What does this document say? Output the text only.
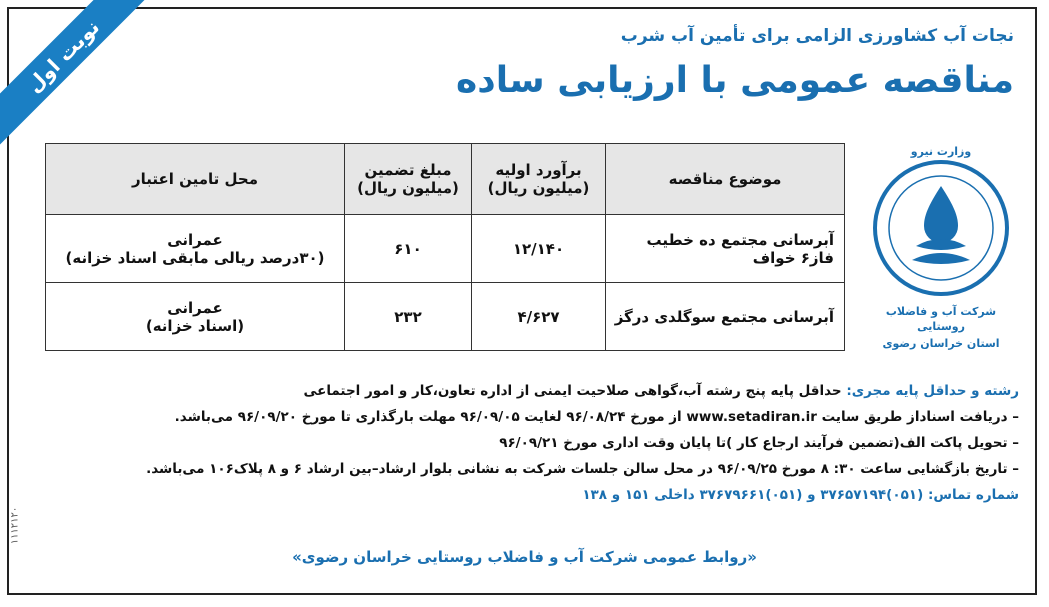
نوبت اول	نجات آب کشاورزی الزامی برای تأمین آب شرب
مناقصه عمومی با ارزیابی ساده
وزارت نیرو
شرکت آب و فاضلاب روستایی
استان خراسان رضوی
موضوع مناقصه	برآورد اولیه (میلیون ریال)	مبلغ تضمین (میلیون ریال)	محل تامین اعتبار
آبرسانی مجتمع ده خطیب فاز۶ خواف	۱۲/۱۴۰	۶۱۰	عمرانی
(۳۰درصد ریالی مابقی اسناد خزانه)

آبرسانی مجتمع سوگلدی درگز	۴/۶۲۷	۲۳۲	عمرانی
(اسناد خزانه)
رشته و حداقل پایه مجری: حداقل پایه پنج رشته آب،گواهی صلاحیت ایمنی از اداره تعاون،کار و امور اجتماعی
– دریافت اسناداز طریق سایت www.setadiran.ir از مورخ ۹۶/۰۸/۲۴ لغایت ۹۶/۰۹/۰۵ مهلت بارگذاری تا مورخ ۹۶/۰۹/۲۰ می‌باشد.
– تحویل پاکت الف(تضمین فرآیند ارجاع کار )تا پایان وقت اداری مورخ ۹۶/۰۹/۲۱
– تاریخ بازگشایی ساعت ۳۰: ۸ مورخ ۹۶/۰۹/۲۵ در محل سالن جلسات شرکت به نشانی بلوار ارشاد–بین ارشاد ۶ و ۸ پلاک۱۰۶ می‌باشد.
شماره تماس: (۰۵۱)۳۷۶۵۷۱۹۴ و (۰۵۱)۳۷۶۷۹۶۶۱ داخلی ۱۵۱ و ۱۳۸
«روابط عمومی شرکت آب و فاضلاب روستایی خراسان رضوی»
۱۱۱۲۱۲۰
